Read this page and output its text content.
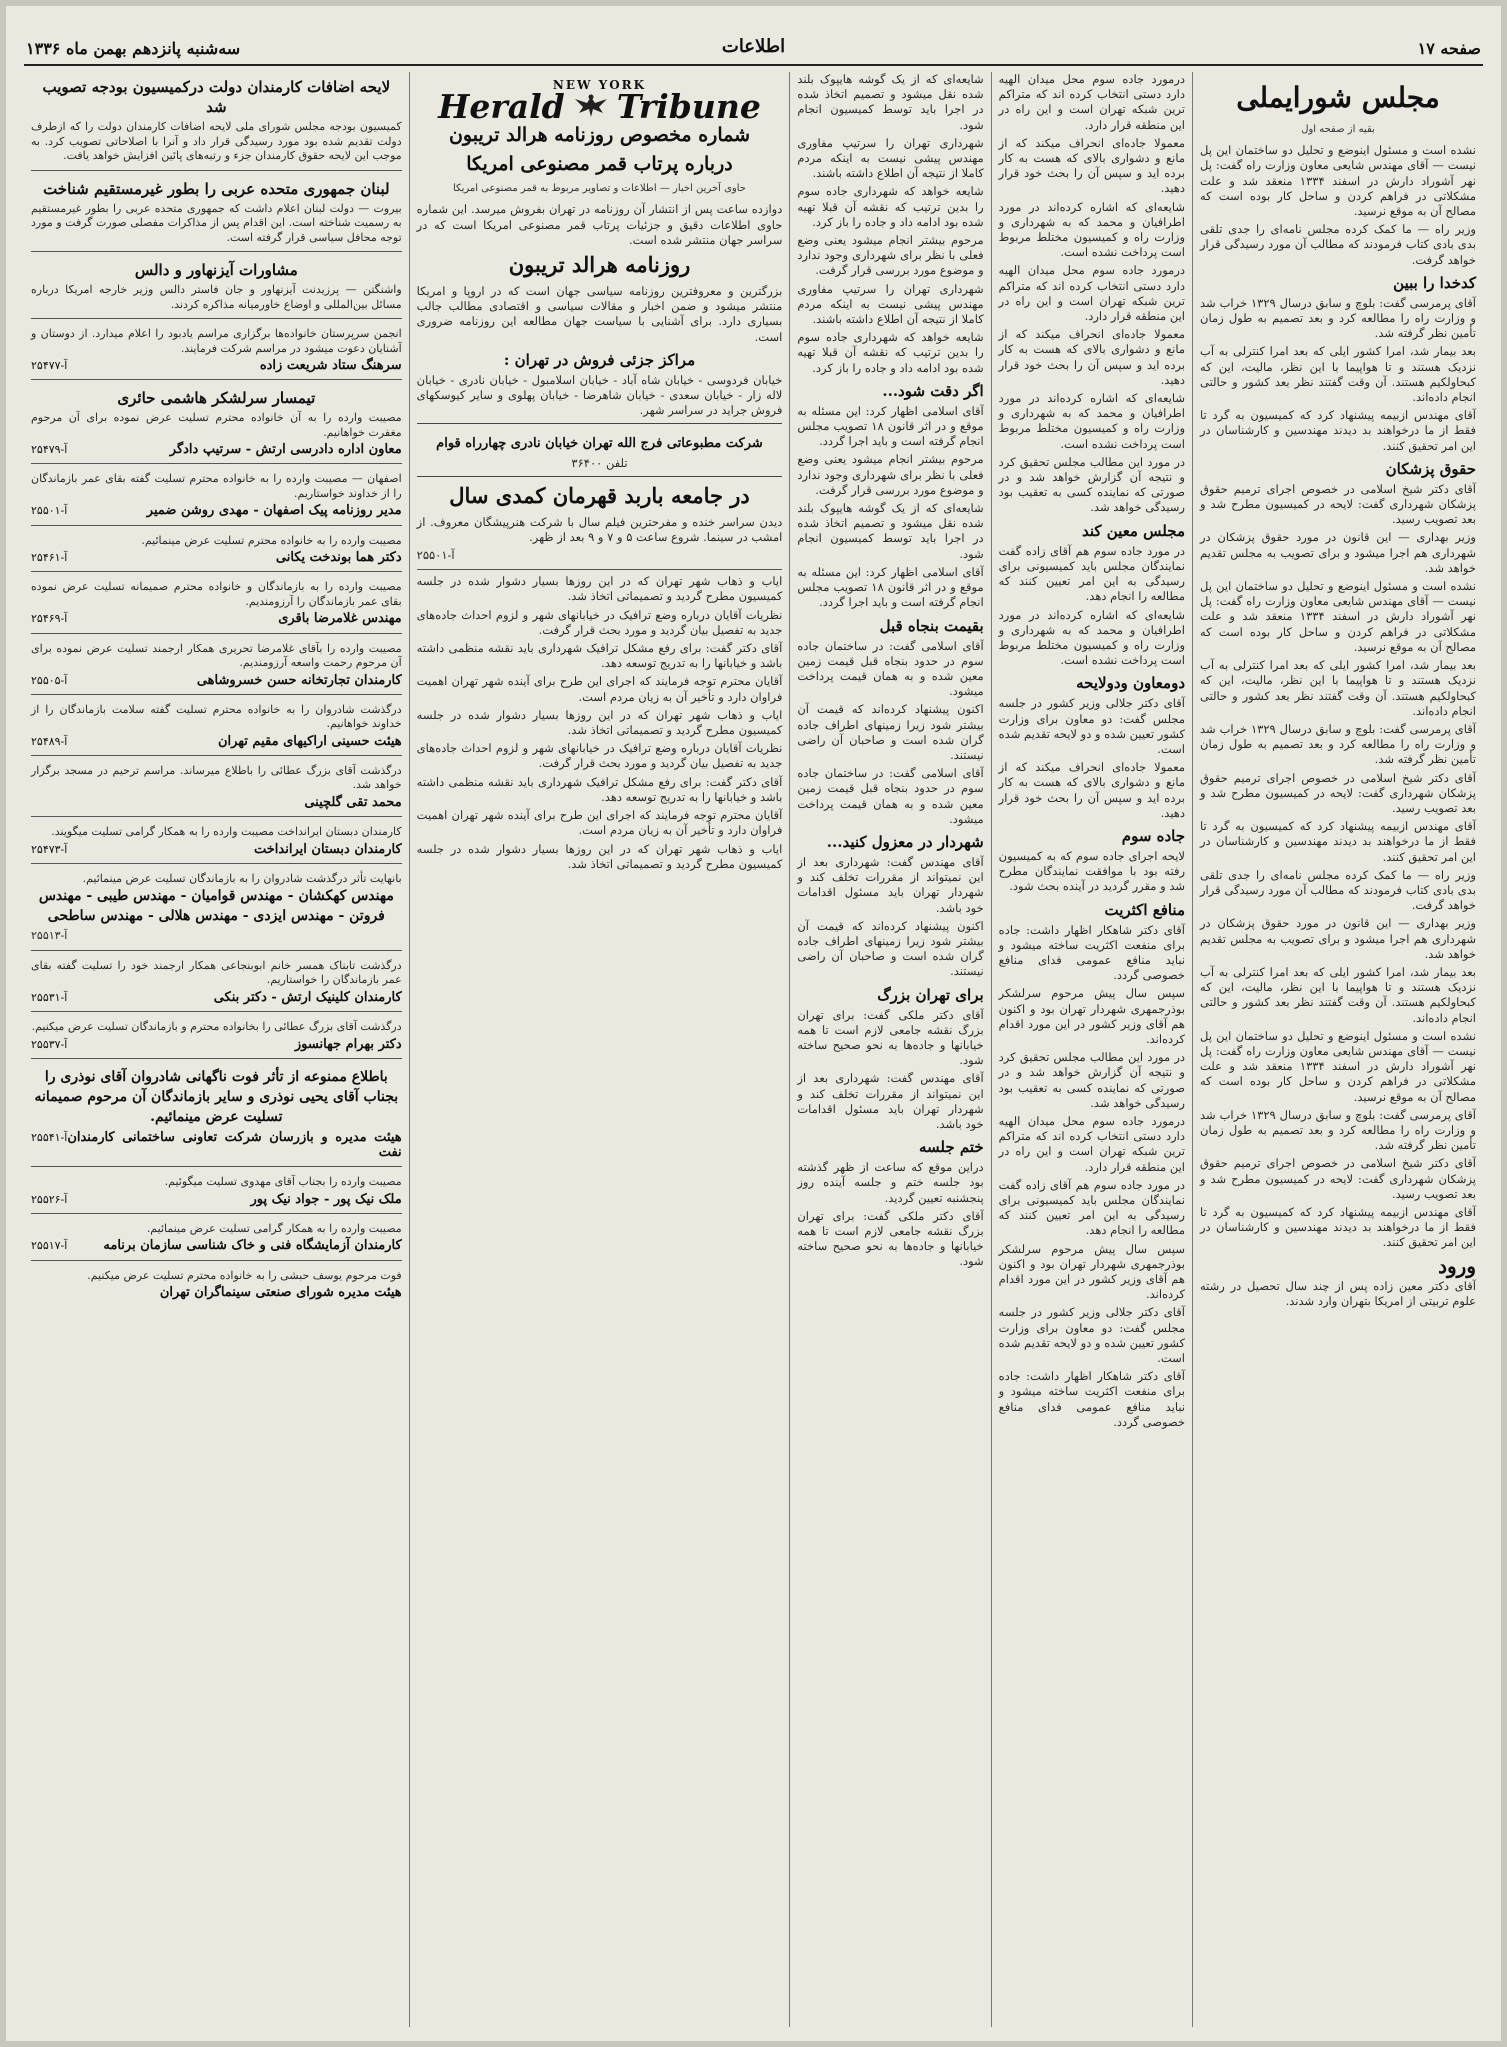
صفحه ۱۷
اطلاعات
سه‌شنبه پانزدهم بهمن ماه ۱۳۳۶
مجلس شورایملی
بقیه از صفحه اول

نشده است و مسئول اینوضع و تحلیل دو ساختمان این پل نیست — آقای مهندس شایعی معاون وزارت راه گفت: پل نهر آشوراد دارش در اسفند ۱۳۳۴ منعقد شد و علت مشکلاتی در فراهم کردن و ساحل کار بوده است که مصالح آن به موقع نرسید.

وزیر راه — ما کمک کرده مجلس نامه‌ای را جدی تلقی بدی بادی کتاب فرمودند که مطالب آن مورد رسیدگی قرار خواهد گرفت.

کدخدا را ببین

آقای پرمرسی گفت: بلوچ و سابق درسال ۱۳۲۹ خراب شد و وزارت راه را مطالعه کرد و بعد تصمیم به طول زمان تأمین نظر گرفته شد.

بعد بیمار شد، امرا کشور ایلی که بعد امرا کنترلی به آب نزدیک هستند و تا هواپیما با این نظر، مالیت، این که کبحاولکیم هستند. آن وقت گفتند نظر بعد کشور و حالتی انجام داده‌اند.

آقای مهندس ازبیمه پیشنهاد کرد که کمیسیون به گرد تا فقط از ما درخواهند بد دیدند مهندسین و کارشناسان در این امر تحقیق کنند.

حقوق پزشکان

آقای دکتر شیخ اسلامی در خصوص اجرای ترمیم حقوق پزشکان شهرداری گفت: لایحه در کمیسیون مطرح شد و بعد تصویب رسید.

وزیر بهداری — این قانون در مورد حقوق پزشکان در شهرداری هم اجرا میشود و برای تصویب به مجلس تقدیم خواهد شد.

نشده است و مسئول اینوضع و تحلیل دو ساختمان این پل نیست — آقای مهندس شایعی معاون وزارت راه گفت: پل نهر آشوراد دارش در اسفند ۱۳۳۴ منعقد شد و علت مشکلاتی در فراهم کردن و ساحل کار بوده است که مصالح آن به موقع نرسید.

بعد بیمار شد، امرا کشور ایلی که بعد امرا کنترلی به آب نزدیک هستند و تا هواپیما با این نظر، مالیت، این که کبحاولکیم هستند. آن وقت گفتند نظر بعد کشور و حالتی انجام داده‌اند.

آقای پرمرسی گفت: بلوچ و سابق درسال ۱۳۲۹ خراب شد و وزارت راه را مطالعه کرد و بعد تصمیم به طول زمان تأمین نظر گرفته شد.

آقای دکتر شیخ اسلامی در خصوص اجرای ترمیم حقوق پزشکان شهرداری گفت: لایحه در کمیسیون مطرح شد و بعد تصویب رسید.

آقای مهندس ازبیمه پیشنهاد کرد که کمیسیون به گرد تا فقط از ما درخواهند بد دیدند مهندسین و کارشناسان در این امر تحقیق کنند.

وزیر راه — ما کمک کرده مجلس نامه‌ای را جدی تلقی بدی بادی کتاب فرمودند که مطالب آن مورد رسیدگی قرار خواهد گرفت.

وزیر بهداری — این قانون در مورد حقوق پزشکان در شهرداری هم اجرا میشود و برای تصویب به مجلس تقدیم خواهد شد.

بعد بیمار شد، امرا کشور ایلی که بعد امرا کنترلی به آب نزدیک هستند و تا هواپیما با این نظر، مالیت، این که کبحاولکیم هستند. آن وقت گفتند نظر بعد کشور و حالتی انجام داده‌اند.

نشده است و مسئول اینوضع و تحلیل دو ساختمان این پل نیست — آقای مهندس شایعی معاون وزارت راه گفت: پل نهر آشوراد دارش در اسفند ۱۳۳۴ منعقد شد و علت مشکلاتی در فراهم کردن و ساحل کار بوده است که مصالح آن به موقع نرسید.

آقای پرمرسی گفت: بلوچ و سابق درسال ۱۳۲۹ خراب شد و وزارت راه را مطالعه کرد و بعد تصمیم به طول زمان تأمین نظر گرفته شد.

آقای دکتر شیخ اسلامی در خصوص اجرای ترمیم حقوق پزشکان شهرداری گفت: لایحه در کمیسیون مطرح شد و بعد تصویب رسید.

آقای مهندس ازبیمه پیشنهاد کرد که کمیسیون به گرد تا فقط از ما درخواهند بد دیدند مهندسین و کارشناسان در این امر تحقیق کنند.

ورود

آقای دکتر معین زاده پس از چند سال تحصیل در رشته علوم تربیتی از امریکا بتهران وارد شدند.

درمورد جاده سوم محل میدان الهیه دارد دستی انتخاب کرده اند که متراکم ترین شبکه تهران است و این راه در این منطقه قرار دارد.

معمولا جاده‌ای انحراف میکند که از مانع و دشواری بالای که هست به کار برده اید و سپس آن را بحث خود قرار دهید.

شایعه‌ای که اشاره کرده‌اند در مورد اطرافیان و محمد که به شهرداری و وزارت راه و کمیسیون مختلط مربوط است پرداخت نشده است.

درمورد جاده سوم محل میدان الهیه دارد دستی انتخاب کرده اند که متراکم ترین شبکه تهران است و این راه در این منطقه قرار دارد.

معمولا جاده‌ای انحراف میکند که از مانع و دشواری بالای که هست به کار برده اید و سپس آن را بحث خود قرار دهید.

شایعه‌ای که اشاره کرده‌اند در مورد اطرافیان و محمد که به شهرداری و وزارت راه و کمیسیون مختلط مربوط است پرداخت نشده است.

در مورد این مطالب مجلس تحقیق کرد و نتیجه آن گزارش خواهد شد و در صورتی که نماینده کسی به تعقیب بود رسیدگی خواهد شد.

مجلس معین کند

در مورد جاده سوم هم آقای زاده گفت نمایندگان مجلس باید کمیسیونی برای رسیدگی به این امر تعیین کنند که مطالعه را انجام دهد.

شایعه‌ای که اشاره کرده‌اند در مورد اطرافیان و محمد که به شهرداری و وزارت راه و کمیسیون مختلط مربوط است پرداخت نشده است.

دومعاون ودولایحه

آقای دکتر جلالی وزیر کشور در جلسه مجلس گفت: دو معاون برای وزارت کشور تعیین شده و دو لایحه تقدیم شده است.

معمولا جاده‌ای انحراف میکند که از مانع و دشواری بالای که هست به کار برده اید و سپس آن را بحث خود قرار دهید.

جاده سوم

لایحه اجرای جاده سوم که به کمیسیون رفته بود با موافقت نمایندگان مطرح شد و مقرر گردید در آینده بحث شود.

منافع اکثریت

آقای دکتر شاهکار اظهار داشت: جاده برای منفعت اکثریت ساخته میشود و نباید منافع عمومی فدای منافع خصوصی گردد.

سپس سال پیش مرحوم سرلشکر بوذرجمهری شهردار تهران بود و اکنون هم آقای وزیر کشور در این مورد اقدام کرده‌اند.

در مورد این مطالب مجلس تحقیق کرد و نتیجه آن گزارش خواهد شد و در صورتی که نماینده کسی به تعقیب بود رسیدگی خواهد شد.

درمورد جاده سوم محل میدان الهیه دارد دستی انتخاب کرده اند که متراکم ترین شبکه تهران است و این راه در این منطقه قرار دارد.

در مورد جاده سوم هم آقای زاده گفت نمایندگان مجلس باید کمیسیونی برای رسیدگی به این امر تعیین کنند که مطالعه را انجام دهد.

سپس سال پیش مرحوم سرلشکر بوذرجمهری شهردار تهران بود و اکنون هم آقای وزیر کشور در این مورد اقدام کرده‌اند.

آقای دکتر جلالی وزیر کشور در جلسه مجلس گفت: دو معاون برای وزارت کشور تعیین شده و دو لایحه تقدیم شده است.

آقای دکتر شاهکار اظهار داشت: جاده برای منفعت اکثریت ساخته میشود و نباید منافع عمومی فدای منافع خصوصی گردد.

شایعه‌ای که از یک گوشه هایپوک بلند شده نقل میشود و تصمیم اتخاذ شده در اجرا باید توسط کمیسیون انجام شود.

شهرداری تهران را سرتیپ مفاوری مهندس پیشی نیست به اینکه مردم کاملا از نتیجه آن اطلاع داشته باشند.

شایعه خواهد که شهرداری جاده سوم را بدین ترتیب که نقشه آن قبلا تهیه شده بود ادامه داد و جاده را باز کرد.

مرحوم بیشتر انجام میشود یعنی وضع فعلی با نظر برای شهرداری وجود ندارد و موضوع مورد بررسی قرار گرفت.

شهرداری تهران را سرتیپ مفاوری مهندس پیشی نیست به اینکه مردم کاملا از نتیجه آن اطلاع داشته باشند.

شایعه خواهد که شهرداری جاده سوم را بدین ترتیب که نقشه آن قبلا تهیه شده بود ادامه داد و جاده را باز کرد.

اگر دقت شود...

آقای اسلامی اظهار کرد: این مسئله به موقع و در اثر قانون ۱۸ تصویب مجلس انجام گرفته است و باید اجرا گردد.

مرحوم بیشتر انجام میشود یعنی وضع فعلی با نظر برای شهرداری وجود ندارد و موضوع مورد بررسی قرار گرفت.

شایعه‌ای که از یک گوشه هایپوک بلند شده نقل میشود و تصمیم اتخاذ شده در اجرا باید توسط کمیسیون انجام شود.

آقای اسلامی اظهار کرد: این مسئله به موقع و در اثر قانون ۱۸ تصویب مجلس انجام گرفته است و باید اجرا گردد.

بقیمت بنجاه قبل

آقای اسلامی گفت: در ساختمان جاده سوم در حدود بنجاه قبل قیمت زمین معین شده و به همان قیمت پرداخت میشود.

اکنون پیشنهاد کرده‌اند که قیمت آن بیشتر شود زیرا زمینهای اطراف جاده گران شده است و صاحبان آن راضی نیستند.

آقای اسلامی گفت: در ساختمان جاده سوم در حدود بنجاه قبل قیمت زمین معین شده و به همان قیمت پرداخت میشود.

شهردار در معزول کنید...

آقای مهندس گفت: شهرداری بعد از این نمیتواند از مقررات تخلف کند و شهردار تهران باید مسئول اقدامات خود باشد.

اکنون پیشنهاد کرده‌اند که قیمت آن بیشتر شود زیرا زمینهای اطراف جاده گران شده است و صاحبان آن راضی نیستند.

برای تهران بزرگ

آقای دکتر ملکی گفت: برای تهران بزرگ نقشه جامعی لازم است تا همه خیابانها و جاده‌ها به نحو صحیح ساخته شود.

آقای مهندس گفت: شهرداری بعد از این نمیتواند از مقررات تخلف کند و شهردار تهران باید مسئول اقدامات خود باشد.

ختم جلسه

دراین موقع که ساعت از ظهر گذشته بود جلسه ختم و جلسه آینده روز پنجشنبه تعیین گردید.

آقای دکتر ملکی گفت: برای تهران بزرگ نقشه جامعی لازم است تا همه خیابانها و جاده‌ها به نحو صحیح ساخته شود.

NEW YORK
Herald Tribune
شماره مخصوص روزنامه هرالد تریبون
درباره پرتاب قمر مصنوعی امریکا
حاوی آخرین اخبار — اطلاعات و تصاویر مربوط به قمر مصنوعی امریکا

دوازده ساعت پس از انتشار آن روزنامه در تهران بفروش میرسد. این شماره حاوی اطلاعات دقیق و جزئیات پرتاب قمر مصنوعی امریکا است که در سراسر جهان منتشر شده است.

روزنامه هرالد تریبون

بزرگترین و معروفترین روزنامه سیاسی جهان است که در اروپا و امریکا منتشر میشود و ضمن اخبار و مقالات سیاسی و اقتصادی مطالب جالب بسیاری دارد. برای آشنایی با سیاست جهان مطالعه این روزنامه ضروری است.

مراکز جزئی فروش در تهران :

خیابان فردوسی - خیابان شاه آباد - خیابان اسلامبول - خیابان نادری - خیابان لاله زار - خیابان سعدی - خیابان شاهرضا - خیابان پهلوی و سایر کیوسکهای فروش جراید در سراسر شهر.

شرکت مطبوعاتی فرج الله تهران خیابان نادری چهارراه قوام
تلفن ۳۶۴۰۰
در جامعه باربد قهرمان کمدی سال

دیدن سراسر خنده و مفرحترین فیلم سال با شرکت هنرپیشگان معروف. از امشب در سینما. شروع ساعت ۵ و ۷ و ۹ بعد از ظهر.

آ-۲۵۵۰۱

ایاب و ذهاب شهر تهران که در این روزها بسیار دشوار شده در جلسه کمیسیون مطرح گردید و تصمیماتی اتخاذ شد.

نظریات آقایان درباره وضع ترافیک در خیابانهای شهر و لزوم احداث جاده‌های جدید به تفصیل بیان گردید و مورد بحث قرار گرفت.

آقای دکتر گفت: برای رفع مشکل ترافیک شهرداری باید نقشه منظمی داشته باشد و خیابانها را به تدریج توسعه دهد.

آقایان محترم توجه فرمایند که اجرای این طرح برای آینده شهر تهران اهمیت فراوان دارد و تأخیر آن به زیان مردم است.

ایاب و ذهاب شهر تهران که در این روزها بسیار دشوار شده در جلسه کمیسیون مطرح گردید و تصمیماتی اتخاذ شد.

نظریات آقایان درباره وضع ترافیک در خیابانهای شهر و لزوم احداث جاده‌های جدید به تفصیل بیان گردید و مورد بحث قرار گرفت.

آقای دکتر گفت: برای رفع مشکل ترافیک شهرداری باید نقشه منظمی داشته باشد و خیابانها را به تدریج توسعه دهد.

آقایان محترم توجه فرمایند که اجرای این طرح برای آینده شهر تهران اهمیت فراوان دارد و تأخیر آن به زیان مردم است.

ایاب و ذهاب شهر تهران که در این روزها بسیار دشوار شده در جلسه کمیسیون مطرح گردید و تصمیماتی اتخاذ شد.

لایحه اضافات کارمندان دولت درکمیسیون بودجه تصویب شد
کمیسیون بودجه مجلس شورای ملی لایحه اضافات کارمندان دولت را که ازطرف دولت تقدیم شده بود مورد رسیدگی قرار داد و آنرا با اصلاحاتی تصویب کرد. به موجب این لایحه حقوق کارمندان جزء و رتبه‌های پائین افزایش خواهد یافت.
لبنان جمهوری متحده عربی را بطور غیرمستقیم شناخت
بیروت — دولت لبنان اعلام داشت که جمهوری متحده عربی را بطور غیرمستقیم به رسمیت شناخته است. این اقدام پس از مذاکرات مفصلی صورت گرفت و مورد توجه محافل سیاسی قرار گرفته است.
مشاورات آیزنهاور و دالس
واشنگتن — پرزیدنت آیزنهاور و جان فاستر دالس وزیر خارجه امریکا درباره مسائل بین‌المللی و اوضاع خاورمیانه مذاکره کردند.
انجمن سرپرستان خانواده‌ها برگزاری مراسم یادبود را اعلام میدارد. از دوستان و آشنایان دعوت میشود در مراسم شرکت فرمایند.
سرهنگ ستاد شریعت زاده
آ-۲۵۴۷۷
تیمسار سرلشکر هاشمی حائری
مصیبت وارده را به آن خانواده محترم تسلیت عرض نموده برای آن مرحوم مغفرت خواهانیم.
معاون اداره دادرسی ارتش - سرتیپ دادگر
آ-۲۵۴۷۹
اصفهان — مصیبت وارده را به خانواده محترم تسلیت گفته بقای عمر بازماندگان را از خداوند خواستاریم.
مدیر روزنامه پیک اصفهان - مهدی روشن ضمیر
آ-۲۵۵۰۱
مصیبت وارده را به خانواده محترم تسلیت عرض مینمائیم.
دکتر هما بوندخت یکانی
آ-۲۵۴۶۱
مصیبت وارده را به بازماندگان و خانواده محترم صمیمانه تسلیت عرض نموده بقای عمر بازماندگان را آرزومندیم.
مهندس غلامرضا باقری
آ-۲۵۴۶۹
مصیبت وارده را بآقای غلامرضا تحریری همکار ارجمند تسلیت عرض نموده برای آن مرحوم رحمت واسعه آرزومندیم.
کارمندان تجارتخانه حسن خسروشاهی
آ-۲۵۵۰۵
درگذشت شادروان را به خانواده محترم تسلیت گفته سلامت بازماندگان را از خداوند خواهانیم.
هیئت حسینی اراکیهای مقیم تهران
آ-۲۵۴۸۹
درگذشت آقای بزرگ عطائی را باطلاع میرساند. مراسم ترحیم در مسجد برگزار خواهد شد.
محمد تقی گلچینی
کارمندان دبستان ایرانداخت مصیبت وارده را به همکار گرامی تسلیت میگویند.
کارمندان دبستان ایرانداخت
آ-۲۵۴۷۳
بانهایت تأثر درگذشت شادروان را به بازماندگان تسلیت عرض مینمائیم.
مهندس کهکشان - مهندس قوامیان - مهندس طیبی - مهندس فروتن - مهندس ایزدی - مهندس هلالی - مهندس ساطحی
آ-۲۵۵۱۳
درگذشت تابناک همسر خانم ابوبنجاعی همکار ارجمند خود را تسلیت گفته بقای عمر بازماندگان را خواستاریم.
کارمندان کلینیک ارتش - دکتر بنکی
آ-۲۵۵۳۱
درگذشت آقای بزرگ عطائی را بخانواده محترم و بازماندگان تسلیت عرض میکنیم.
دکتر بهرام جهانسوز
آ-۲۵۵۳۷
باطلاع ممنوعه از تأثر فوت ناگهانی شادروان آقای نوذری را بجناب آقای یحیی نوذری و سایر بازماندگان آن مرحوم صمیمانه تسلیت عرض مینمائیم.
هیئت مدیره و بازرسان شرکت تعاونی ساختمانی کارمندان نفت
آ-۲۵۵۴۱
مصیبت وارده را بجناب آقای مهدوی تسلیت میگوئیم.
ملک نیک پور - جواد نیک پور
آ-۲۵۵۲۶
مصیبت وارده را به همکار گرامی تسلیت عرض مینمائیم.
کارمندان آزمایشگاه فنی و خاک شناسی سازمان برنامه
آ-۲۵۵۱۷
فوت مرحوم یوسف حبشی را به خانواده محترم تسلیت عرض میکنیم.
هیئت مدیره شورای صنعتی سینماگران تهران
